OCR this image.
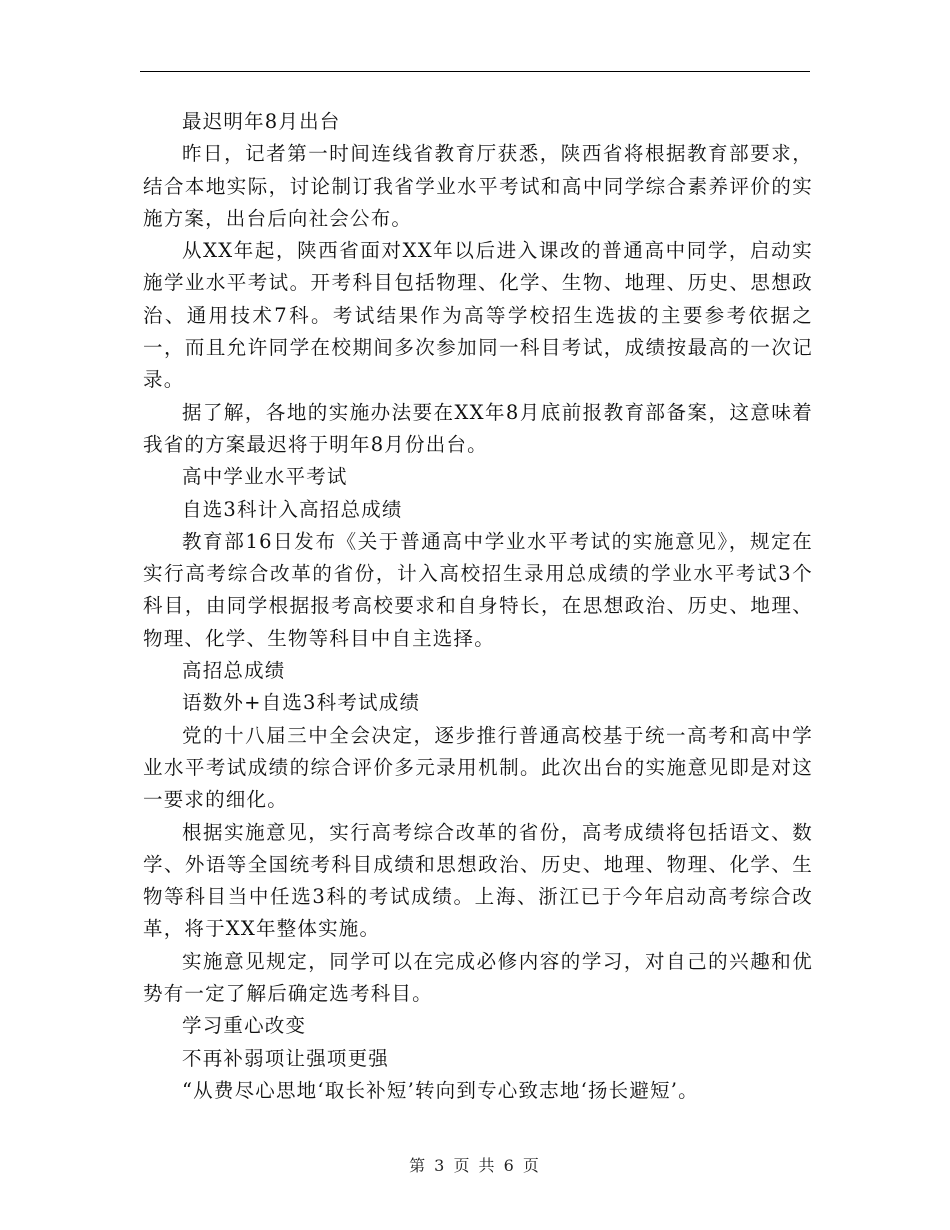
最迟明年8月出台

昨日，记者第一时间连线省教育厅获悉，陕西省将根据教育部要求，结合本地实际，讨论制订我省学业水平考试和高中同学综合素养评价的实施方案，出台后向社会公布。

从XX年起，陕西省面对XX年以后进入课改的普通高中同学，启动实施学业水平考试。开考科目包括物理、化学、生物、地理、历史、思想政治、通用技术7科。考试结果作为高等学校招生选拔的主要参考依据之一，而且允许同学在校期间多次参加同一科目考试，成绩按最高的一次记录。

据了解，各地的实施办法要在XX年8月底前报教育部备案，这意味着我省的方案最迟将于明年8月份出台。

高中学业水平考试

自选3科计入高招总成绩

教育部16日发布《关于普通高中学业水平考试的实施意见》，规定在实行高考综合改革的省份，计入高校招生录用总成绩的学业水平考试3个科目，由同学根据报考高校要求和自身特长，在思想政治、历史、地理、物理、化学、生物等科目中自主选择。

高招总成绩

语数外+自选3科考试成绩

党的十八届三中全会决定，逐步推行普通高校基于统一高考和高中学业水平考试成绩的综合评价多元录用机制。此次出台的实施意见即是对这一要求的细化。

根据实施意见，实行高考综合改革的省份，高考成绩将包括语文、数学、外语等全国统考科目成绩和思想政治、历史、地理、物理、化学、生物等科目当中任选3科的考试成绩。上海、浙江已于今年启动高考综合改革，将于XX年整体实施。

实施意见规定，同学可以在完成必修内容的学习，对自己的兴趣和优势有一定了解后确定选考科目。

学习重心改变

不再补弱项让强项更强

“从费尽心思地‘取长补短’转向到专心致志地‘扬长避短’。

第 3 页 共 6 页
